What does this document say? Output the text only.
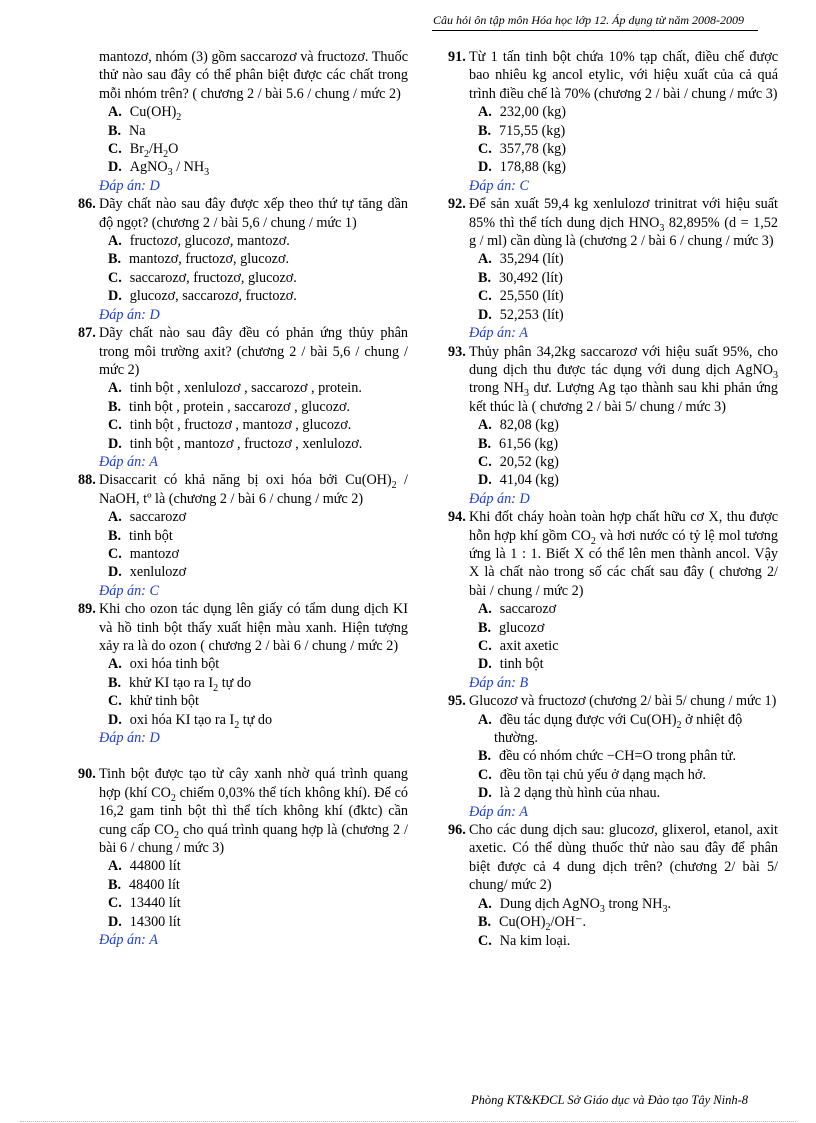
Câu hỏi ôn tập môn Hóa học lớp 12. Áp dụng từ năm 2008-2009
mantozơ, nhóm (3) gồm saccarozơ và fructozơ. Thuốc thử nào sau đây có thể phân biệt được các chất trong mỗi nhóm trên? ( chương 2 / bài 5.6 / chung / mức 2)
A. $Cu(OH)_2$
B. Na
C. $Br_2/H_2O$
D. AgNO$_3$ / $NH_3$
Đáp án: D
86. Dãy chất nào sau đây được xếp theo thứ tự tăng dần độ ngọt? (chương 2 / bài 5,6 / chung / mức 1)
A. fructozơ, glucozơ, mantozơ.
B. mantozơ, fructozơ, glucozơ.
C. saccarozơ, fructozơ, glucozơ.
D. glucozơ, saccarozơ, fructozơ.
Đáp án: D
87. Dãy chất nào sau đây đều có phản ứng thủy phân trong môi trường axit? (chương 2 / bài 5,6 / chung / mức 2)
A. tinh bột , xenlulozơ , saccarozơ , protein.
B. tinh bột , protein , saccarozơ , glucozơ.
C. tinh bột , fructozơ , mantozơ , glucozơ.
D. tinh bột , mantozơ , fructozơ , xenlulozơ.
Đáp án: A
88. Disaccarit có khả năng bị oxi hóa bởi $Cu(OH)_2$ / NaOH, tº là (chương 2 / bài 6 / chung / mức 2)
A. saccarozơ
B. tinh bột
C. mantozơ
D. xenlulozơ
Đáp án: C
89. Khi cho ozon tác dụng lên giấy có tẩm dung dịch KI và hồ tinh bột thấy xuất hiện màu xanh. Hiện tượng xảy ra là do ozon ( chương 2 / bài 6 / chung / mức 2)
A. oxi hóa tinh bột
B. khử KI tạo ra $I_2$ tự do
C. khử tinh bột
D. oxi hóa KI tạo ra $I_2$ tự do
Đáp án: D
90. Tinh bột được tạo từ cây xanh nhờ quá trình quang hợp (khí $CO_2$ chiếm 0,03% thể tích không khí). Để có 16,2 gam tinh bột thì thể tích không khí (đktc) cần cung cấp $CO_2$ cho quá trình quang hợp là (chương 2 / bài 6 / chung / mức 3)
A. 44800 lít
B. 48400 lít
C. 13440 lít
D. 14300 lít
Đáp án: A
91. Từ 1 tấn tinh bột chứa 10% tạp chất, điều chế được bao nhiêu kg ancol etylic, với hiệu xuất của cả quá trình điều chế là 70% (chương 2 / bài / chung / mức 3)
A. 232,00 (kg)
B. 715,55 (kg)
C. 357,78 (kg)
D. 178,88 (kg)
Đáp án: C
92. Để sản xuất 59,4 kg xenlulozơ trinitrat với hiệu suất 85% thì thể tích dung dịch $HNO_3$ 82,895% (d = 1,52 g / ml) cần dùng là (chương 2 / bài 6 / chung / mức 3)
A. 35,294 (lít)
B. 30,492 (lít)
C. 25,550 (lít)
D. 52,253 (lít)
Đáp án: A
93. Thủy phân 34,2kg saccarozơ với hiệu suất 95%, cho dung dịch thu được tác dụng với dung dịch AgNO$_3$ trong $NH_3$ dư. Lượng Ag tạo thành sau khi phản ứng kết thúc là ( chương 2 / bài 5/ chung / mức 3)
A. 82,08 (kg)
B. 61,56 (kg)
C. 20,52 (kg)
D. 41,04 (kg)
Đáp án: D
94. Khi đốt cháy hoàn toàn hợp chất hữu cơ X, thu được hỗn hợp khí gồm $CO_2$ và hơi nước có tỷ lệ mol tương ứng là 1 : 1. Biết X có thể lên men thành ancol. Vậy X là chất nào trong số các chất sau đây ( chương 2/ bài / chung / mức 2)
A. saccarozơ
B. glucozơ
C. axit axetic
D. tinh bột
Đáp án: B
95. Glucozơ và fructozơ (chương 2/ bài 5/ chung / mức 1)
A. đều tác dụng được với $Cu(OH)_2$ ở nhiệt độ thường.
B. đều có nhóm chức −CH=O trong phân tử.
C. đều tồn tại chủ yếu ở dạng mạch hở.
D. là 2 dạng thù hình của nhau.
Đáp án: A
96. Cho các dung dịch sau: glucozơ, glixerol, etanol, axit axetic. Có thể dùng thuốc thử nào sau đây để phân biệt được cả 4 dung dịch trên? (chương 2/ bài 5/ chung/ mức 2)
A. Dung dịch AgNO$_3$ trong $NH_3$.
B. $Cu(OH)_2/OH^-$.
C. Na kim loại.
Phòng KT&KĐCL Sở Giáo dục và Đào tạo Tây Ninh-8
